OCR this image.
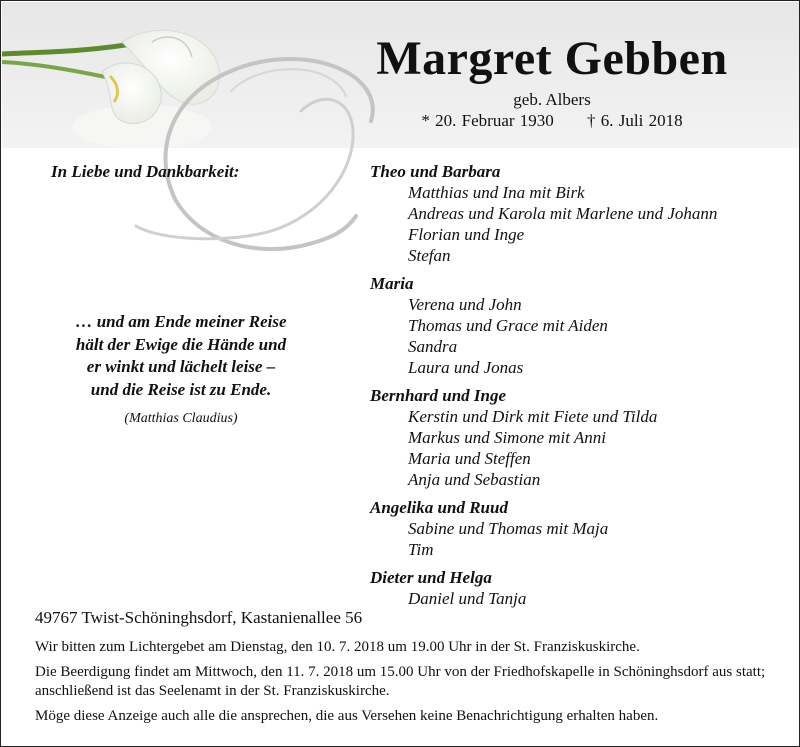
Margret Gebben
geb. Albers
* 20. Februar 1930 † 6. Juli 2018
In Liebe und Dankbarkeit:
… und am Ende meiner Reise
hält der Ewige die Hände und
er winkt und lächelt leise –
und die Reise ist zu Ende.
(Matthias Claudius)
Theo und Barbara
Matthias und Ina mit Birk
Andreas und Karola mit Marlene und Johann
Florian und Inge
Stefan
Maria
Verena und John
Thomas und Grace mit Aiden
Sandra
Laura und Jonas
Bernhard und Inge
Kerstin und Dirk mit Fiete und Tilda
Markus und Simone mit Anni
Maria und Steffen
Anja und Sebastian
Angelika und Ruud
Sabine und Thomas mit Maja
Tim
Dieter und Helga
Daniel und Tanja
49767 Twist-Schöninghsdorf, Kastanienallee 56

Wir bitten zum Lichtergebet am Dienstag, den 10. 7. 2018 um 19.00 Uhr in der St. Franziskuskirche.

Die Beerdigung findet am Mittwoch, den 11. 7. 2018 um 15.00 Uhr von der Friedhofskapelle in Schöninghsdorf aus statt; anschließend ist das Seelenamt in der St. Franziskuskirche.

Möge diese Anzeige auch alle die ansprechen, die aus Versehen keine Benachrichtigung erhalten haben.
